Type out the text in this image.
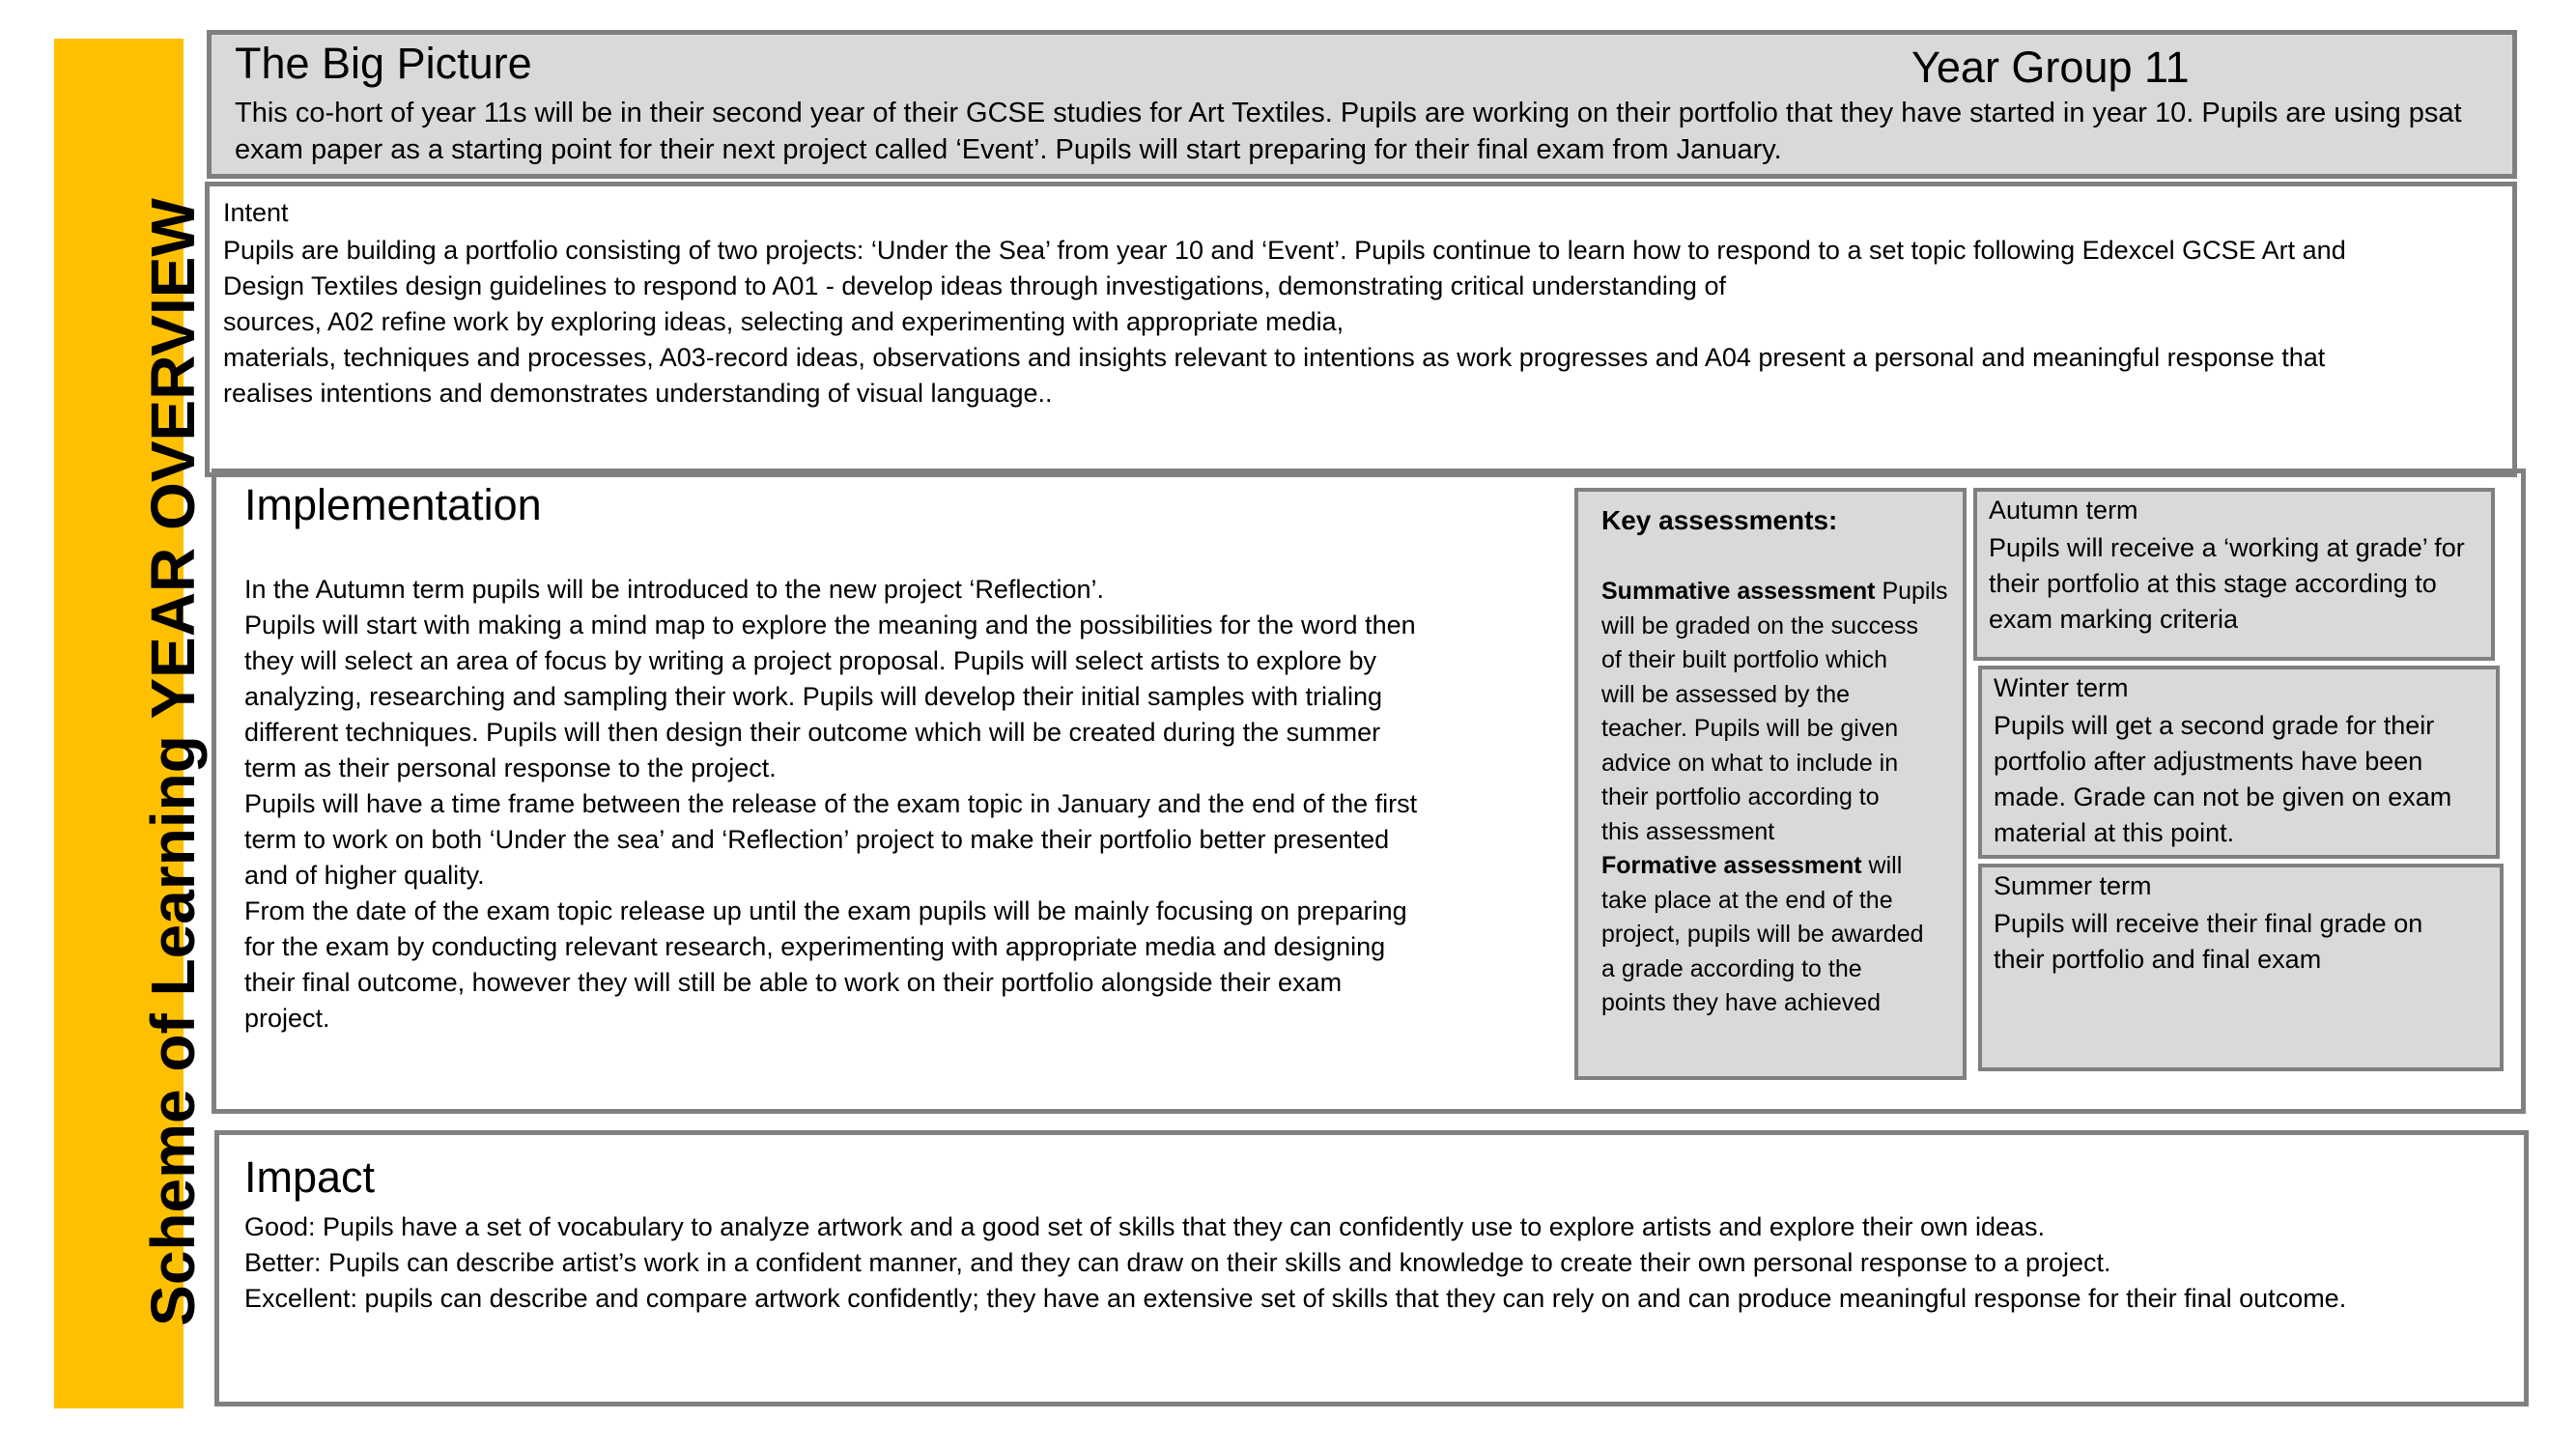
Scheme of Learning YEAR OVERVIEW
The Big Picture	Year Group 11
This co-hort of year 11s will be in their second year of their GCSE studies for Art Textiles. Pupils are working on their portfolio that they have started in year 10. Pupils are using psat exam paper as a starting point for their next project called ‘Event’. Pupils will start preparing for their final exam from January.
Intent
Pupils are building a portfolio consisting of two projects: ‘Under the Sea’ from year 10 and ‘Event’. Pupils continue to learn how to respond to a set topic following Edexcel GCSE Art and
Design Textiles design guidelines to respond to A01 - develop ideas through investigations, demonstrating critical understanding of
sources, A02 refine work by exploring ideas, selecting and experimenting with appropriate media,
materials, techniques and processes, A03-record ideas, observations and insights relevant to intentions as work progresses and A04 present a personal and meaningful response that
realises intentions and demonstrates understanding of visual language..
Implementation
In the Autumn term pupils will be introduced to the new project ‘Reflection’.
Pupils will start with making a mind map to explore the meaning and the possibilities for the word then
they will select an area of focus by writing a project proposal. Pupils will select artists to explore by
analyzing, researching and sampling their work. Pupils will develop their initial samples with trialing
different techniques. Pupils will then design their outcome which will be created during the summer
term as their personal response to the project.
Pupils will have a time frame between the release of the exam topic in January and the end of the first
term to work on both ‘Under the sea’ and ‘Reflection’ project to make their portfolio better presented
and of higher quality.
From the date of the exam topic release up until the exam pupils will be mainly focusing on preparing
for the exam by conducting relevant research, experimenting with appropriate media and designing
their final outcome, however they will still be able to work on their portfolio alongside their exam
project.
Key assessments:
Summative assessment Pupils
will be graded on the success
of their built portfolio which
will be assessed by the
teacher. Pupils will be given
advice on what to include in
their portfolio according to
this assessment
Formative assessment will
take place at the end of the
project, pupils will be awarded
a grade according to the
points they have achieved
Autumn term
Pupils will receive a ‘working at grade’ for
their portfolio at this stage according to
exam marking criteria
Winter term
Pupils will get a second grade for their
portfolio after adjustments have been
made. Grade can not be given on exam
material at this point.
Summer term
Pupils will receive their final grade on
their portfolio and final exam
Impact
Good: Pupils have a set of vocabulary to analyze artwork and a good set of skills that they can confidently use to explore artists and explore their own ideas.
Better: Pupils can describe artist’s work in a confident manner, and they can draw on their skills and knowledge to create their own personal response to a project.
Excellent: pupils can describe and compare artwork confidently; they have an extensive set of skills that they can rely on and can produce meaningful response for their final outcome.
